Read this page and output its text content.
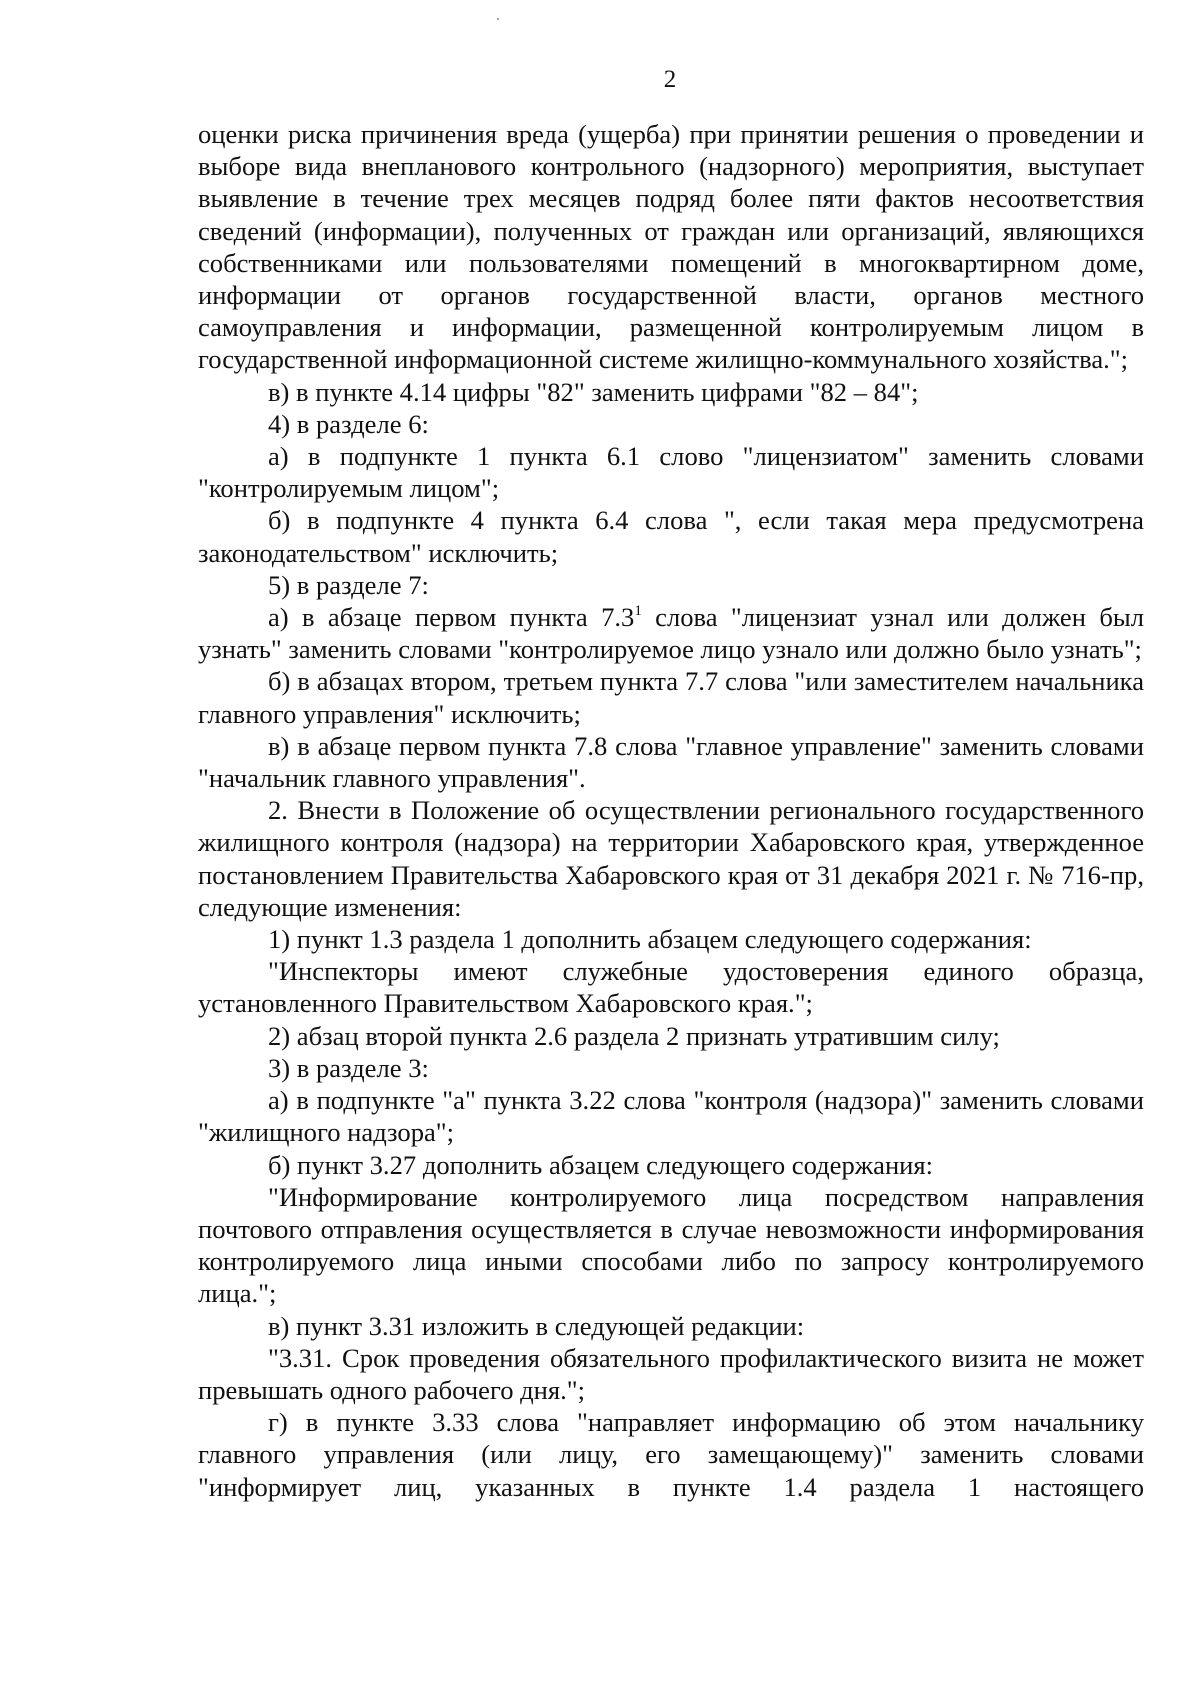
2

оценки риска причинения вреда (ущерба) при принятии решения о проведении и выборе вида внепланового контрольного (надзорного) мероприятия, выступает выявление в течение трех месяцев подряд более пяти фактов несоответствия сведений (информации), полученных от граждан или организаций, являющихся собственниками или пользователями помещений в многоквартирном доме, информации от органов государственной власти, органов местного самоуправления и информации, размещенной контролируемым лицом в государственной информационной системе жилищно-коммунального хозяйства.";

в) в пункте 4.14 цифры "82" заменить цифрами "82 – 84";

4) в разделе 6:

а) в подпункте 1 пункта 6.1 слово "лицензиатом" заменить словами "контролируемым лицом";

б) в подпункте 4 пункта 6.4 слова ", если такая мера предусмотрена законодательством" исключить;

5) в разделе 7:

а) в абзаце первом пункта $7.3^1$ слова "лицензиат узнал или должен был узнать" заменить словами "контролируемое лицо узнало или должно было узнать";

б) в абзацах втором, третьем пункта 7.7 слова "или заместителем начальника главного управления" исключить;

в) в абзаце первом пункта 7.8 слова "главное управление" заменить словами "начальник главного управления".

2. Внести в Положение об осуществлении регионального государственного жилищного контроля (надзора) на территории Хабаровского края, утвержденное постановлением Правительства Хабаровского края от 31 декабря 2021 г. № 716-пр, следующие изменения:

1) пункт 1.3 раздела 1 дополнить абзацем следующего содержания:

"Инспекторы имеют служебные удостоверения единого образца, установленного Правительством Хабаровского края.";

2) абзац второй пункта 2.6 раздела 2 признать утратившим силу;

3) в разделе 3:

а) в подпункте "а" пункта 3.22 слова "контроля (надзора)" заменить словами "жилищного надзора";

б) пункт 3.27 дополнить абзацем следующего содержания:

"Информирование контролируемого лица посредством направления почтового отправления осуществляется в случае невозможности информирования контролируемого лица иными способами либо по запросу контролируемого лица.";

в) пункт 3.31 изложить в следующей редакции:

"3.31. Срок проведения обязательного профилактического визита не может превышать одного рабочего дня.";

г) в пункте 3.33 слова "направляет информацию об этом начальнику главного управления (или лицу, его замещающему)" заменить словами "информирует лиц, указанных в пункте 1.4 раздела 1 настоящего
